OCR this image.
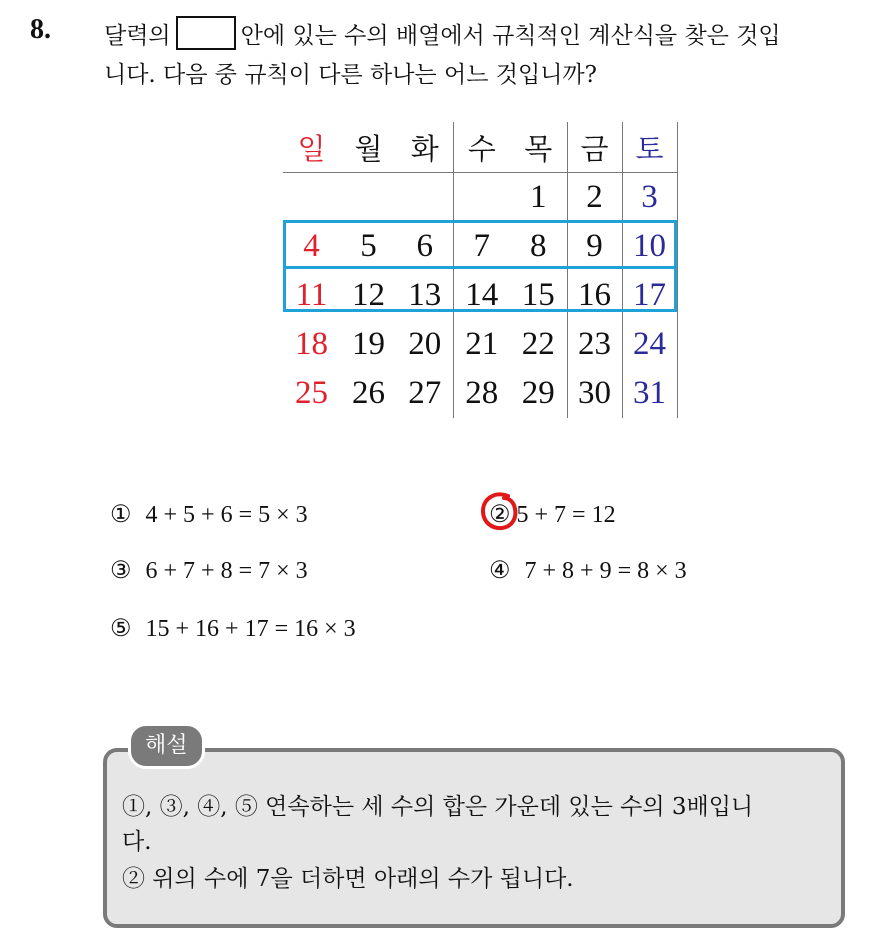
8. 달력의	안에 있는 수의 배열에서 규칙적인 계산식을 찾은 것입
니다. 다음 중 규칙이 다른 하나는 어느 것입니까?
일	월	화	수	목	금	토
				1	2	3
4	5	6	7	8	9	10
11	12	13	14	15	16	17
18	19	20	21	22	23	24
25	26	27	28	29	30	31
① 4 + 5 + 6 = 5 × 3	② 5 + 7 = 12
③ 6 + 7 + 8 = 7 × 3	④ 7 + 8 + 9 = 8 × 3
⑤ 15 + 16 + 17 = 16 × 3
해설
①, ③, ④, ⑤ 연속하는 세 수의 합은 가운데 있는 수의 3배입니
다.
② 위의 수에 7을 더하면 아래의 수가 됩니다.
